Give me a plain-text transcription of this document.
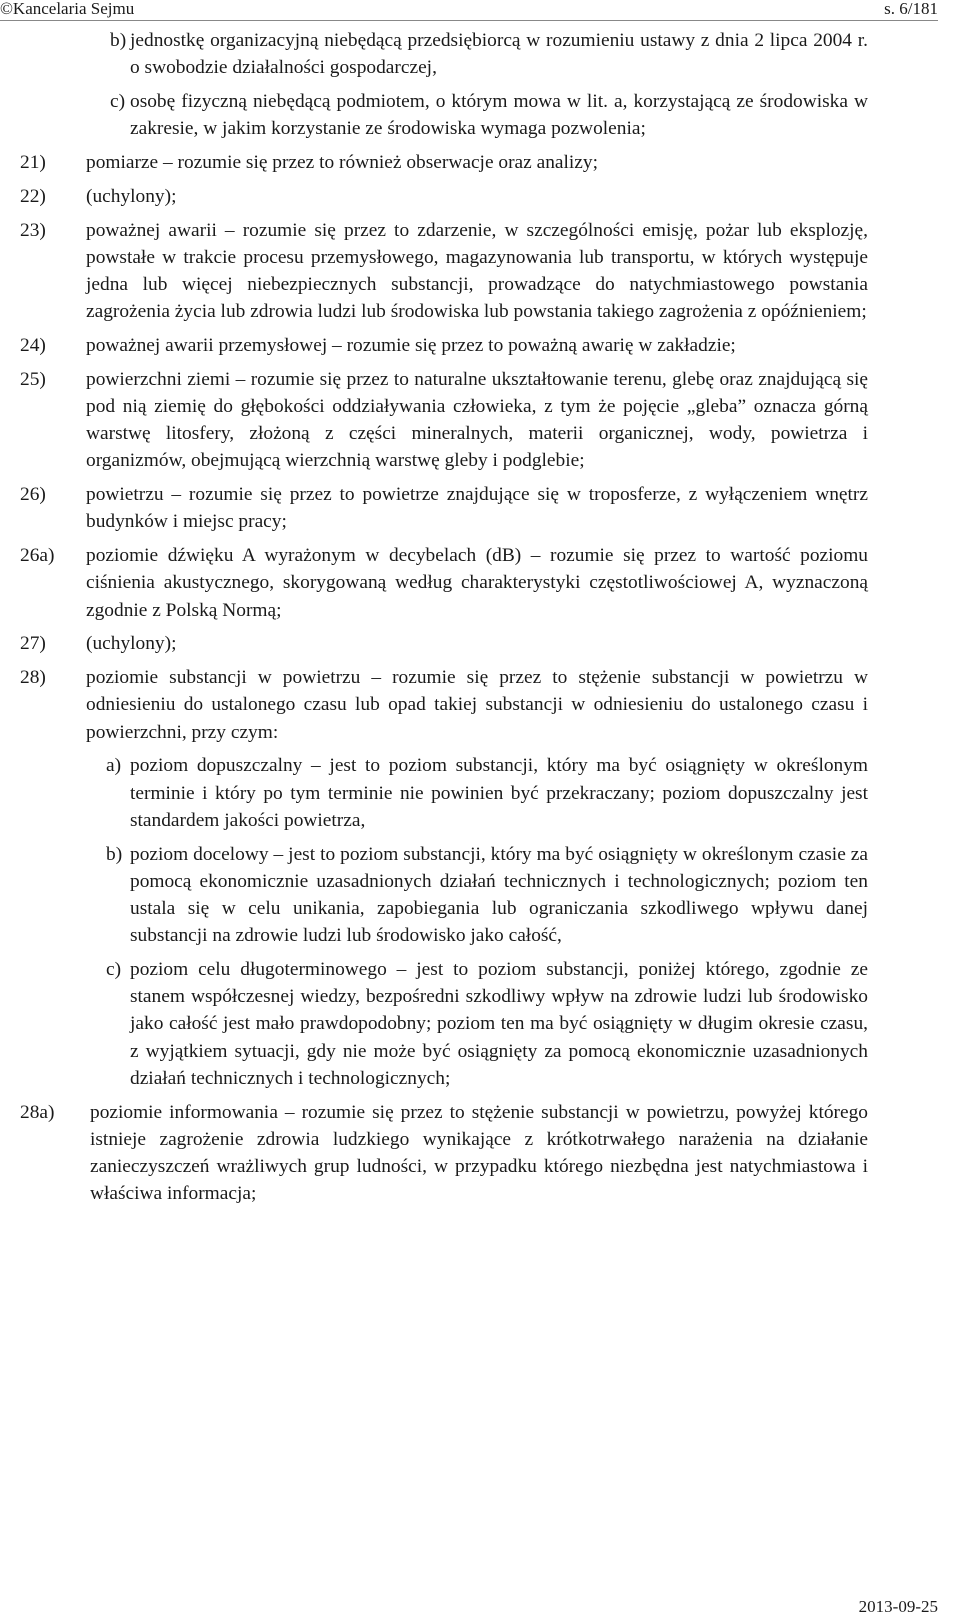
©Kancelaria Sejmu	s. 6/181

b) jednostkę organizacyjną niebędącą przedsiębiorcą w rozumieniu ustawy z dnia 2 lipca 2004 r. o swobodzie działalności gospodarczej,

c) osobę fizyczną niebędącą podmiotem, o którym mowa w lit. a, korzystającą ze środowiska w zakresie, w jakim korzystanie ze środowiska wymaga pozwolenia;

21)	pomiarze – rozumie się przez to również obserwacje oraz analizy;

22)	(uchylony);

23)	poważnej awarii – rozumie się przez to zdarzenie, w szczególności emisję, pożar lub eksplozję, powstałe w trakcie procesu przemysłowego, magazynowania lub transportu, w których występuje jedna lub więcej niebezpiecznych substancji, prowadzące do natychmiastowego powstania zagrożenia życia lub zdrowia ludzi lub środowiska lub powstania takiego zagrożenia z opóźnieniem;

24)	poważnej awarii przemysłowej – rozumie się przez to poważną awarię w zakładzie;

25)	powierzchni ziemi – rozumie się przez to naturalne ukształtowanie terenu, glebę oraz znajdującą się pod nią ziemię do głębokości oddziaływania człowieka, z tym że pojęcie „gleba” oznacza górną warstwę litosfery, złożoną z części mineralnych, materii organicznej, wody, powietrza i organizmów, obejmującą wierzchnią warstwę gleby i podglebie;

26)	powietrzu – rozumie się przez to powietrze znajdujące się w troposferze, z wyłączeniem wnętrz budynków i miejsc pracy;

26a)	poziomie dźwięku A wyrażonym w decybelach (dB) – rozumie się przez to wartość poziomu ciśnienia akustycznego, skorygowaną według charakterystyki częstotliwościowej A, wyznaczoną zgodnie z Polską Normą;

27)	(uchylony);

28)	poziomie substancji w powietrzu – rozumie się przez to stężenie substancji w powietrzu w odniesieniu do ustalonego czasu lub opad takiej substancji w odniesieniu do ustalonego czasu i powierzchni, przy czym:

a) poziom dopuszczalny – jest to poziom substancji, który ma być osiągnięty w określonym terminie i który po tym terminie nie powinien być przekraczany; poziom dopuszczalny jest standardem jakości powietrza,

b) poziom docelowy – jest to poziom substancji, który ma być osiągnięty w określonym czasie za pomocą ekonomicznie uzasadnionych działań technicznych i technologicznych; poziom ten ustala się w celu unikania, zapobiegania lub ograniczania szkodliwego wpływu danej substancji na zdrowie ludzi lub środowisko jako całość,

c) poziom celu długoterminowego – jest to poziom substancji, poniżej którego, zgodnie ze stanem współczesnej wiedzy, bezpośredni szkodliwy wpływ na zdrowie ludzi lub środowisko jako całość jest mało prawdopodobny; poziom ten ma być osiągnięty w długim okresie czasu, z wyjątkiem sytuacji, gdy nie może być osiągnięty za pomocą ekonomicznie uzasadnionych działań technicznych i technologicznych;

28a) poziomie informowania – rozumie się przez to stężenie substancji w powietrzu, powyżej którego istnieje zagrożenie zdrowia ludzkiego wynikające z krótkotrwałego narażenia na działanie zanieczyszczeń wrażliwych grup ludności, w przypadku którego niezbędna jest natychmiastowa i właściwa informacja;

2013-09-25
